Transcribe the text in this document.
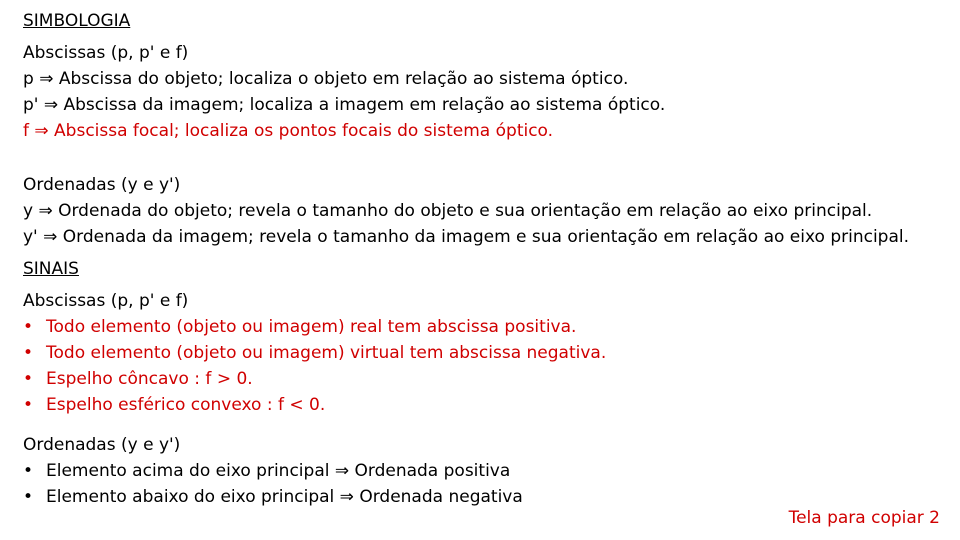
SIMBOLOGIA
Abscissas (p, p' e f)
p ⇒ Abscissa do objeto; localiza o objeto em relação ao sistema óptico.
p' ⇒ Abscissa da imagem; localiza a imagem em relação ao sistema óptico.
f ⇒ Abscissa focal; localiza os pontos focais do sistema óptico.
Ordenadas (y e y')
y ⇒ Ordenada do objeto; revela o tamanho do objeto e sua orientação em relação ao eixo principal.
y' ⇒ Ordenada da imagem; revela o tamanho da imagem e sua orientação em relação ao eixo principal.
SINAIS
Abscissas (p, p' e f)
• Todo elemento (objeto ou imagem) real tem abscissa positiva.
• Todo elemento (objeto ou imagem) virtual tem abscissa negativa.
• Espelho côncavo : f > 0.
• Espelho esférico convexo : f < 0.
Ordenadas (y e y')
• Elemento acima do eixo principal ⇒ Ordenada positiva
• Elemento abaixo do eixo principal ⇒ Ordenada negativa
Tela para copiar 2
